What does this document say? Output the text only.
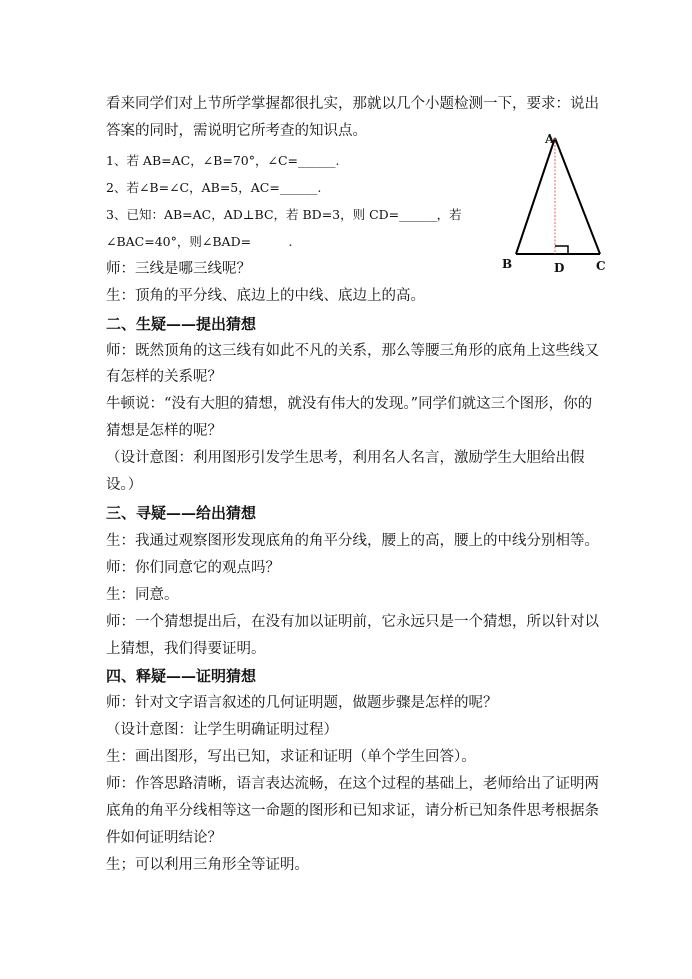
看来同学们对上节所学掌握都很扎实，那就以几个小题检测一下，要求：说出
答案的同时，需说明它所考查的知识点。
1、若 AB=AC，∠B=70°，∠C=______.
2、若∠B=∠C，AB=5，AC=______.
3、已知：AB=AC，AD⊥BC，若 BD=3，则 CD=______，若
∠BAC=40°，则∠BAD=　　　.
师：三线是哪三线呢？
生：顶角的平分线、底边上的中线、底边上的高。
二、生疑——提出猜想
师：既然顶角的这三线有如此不凡的关系，那么等腰三角形的底角上这些线又
有怎样的关系呢？
牛顿说：“没有大胆的猜想，就没有伟大的发现。”同学们就这三个图形，你的
猜想是怎样的呢？
（设计意图：利用图形引发学生思考，利用名人名言，激励学生大胆给出假
设。）
三、寻疑——给出猜想
生：我通过观察图形发现底角的角平分线，腰上的高，腰上的中线分别相等。
师：你们同意它的观点吗？
生：同意。
师：一个猜想提出后，在没有加以证明前，它永远只是一个猜想，所以针对以
上猜想，我们得要证明。
四、释疑——证明猜想
师：针对文字语言叙述的几何证明题，做题步骤是怎样的呢？
（设计意图：让学生明确证明过程）
生：画出图形，写出已知，求证和证明（单个学生回答）。
师：作答思路清晰，语言表达流畅，在这个过程的基础上，老师给出了证明两
底角的角平分线相等这一命题的图形和已知求证，请分析已知条件思考根据条
件如何证明结论？
生；可以利用三角形全等证明。
A
B	C
D
